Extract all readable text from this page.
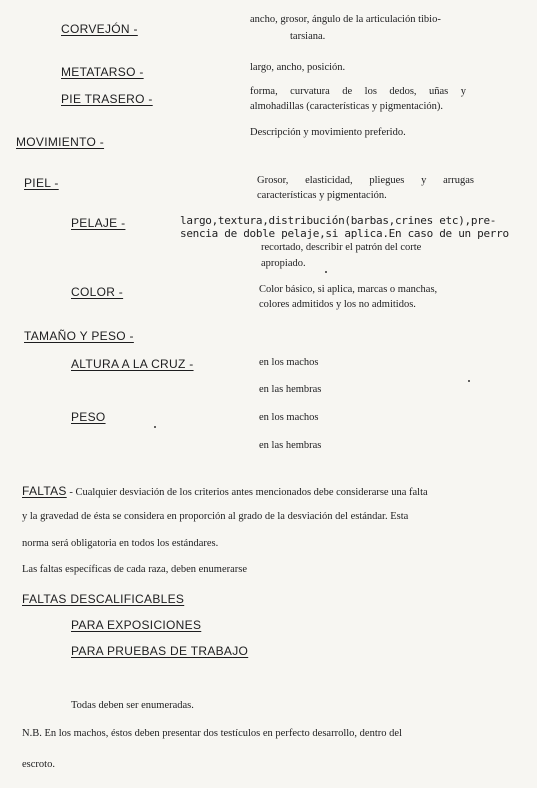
CORVEJÓN -
ancho, grosor, ángulo de la articulación tibio-
tarsiana.
METATARSO -	largo, ancho, posición.
PIE TRASERO -
forma, curvatura de los dedos, uñas y
almohadillas (características y pigmentación).
MOVIMIENTO -
Descripción y movimiento preferido.
PIEL -	Grosor, elasticidad, pliegues y arrugas
características y pigmentación.
PELAJE -	largo,textura,distribución(barbas,crines etc),pre-
sencia de doble pelaje,si aplica.En caso de un perro
recortado, describir el patrón del corte
apropiado.
COLOR -	Color básico, si aplica, marcas o manchas,
colores admitidos y los no admitidos.
TAMAÑO Y PESO -
ALTURA A LA CRUZ -	en los machos
en las hembras
PESO	en los machos
en las hembras
FALTAS - Cualquier desviación de los criterios antes mencionados debe considerarse una falta
y la gravedad de ésta se considera en proporción al grado de la desviación del estándar. Esta
norma será obligatoria en todos los estándares.
Las faltas específicas de cada raza, deben enumerarse
FALTAS DESCALIFICABLES
PARA EXPOSICIONES
PARA PRUEBAS DE TRABAJO
Todas deben ser enumeradas.
N.B. En los machos, éstos deben presentar dos testículos en perfecto desarrollo, dentro del
escroto.
